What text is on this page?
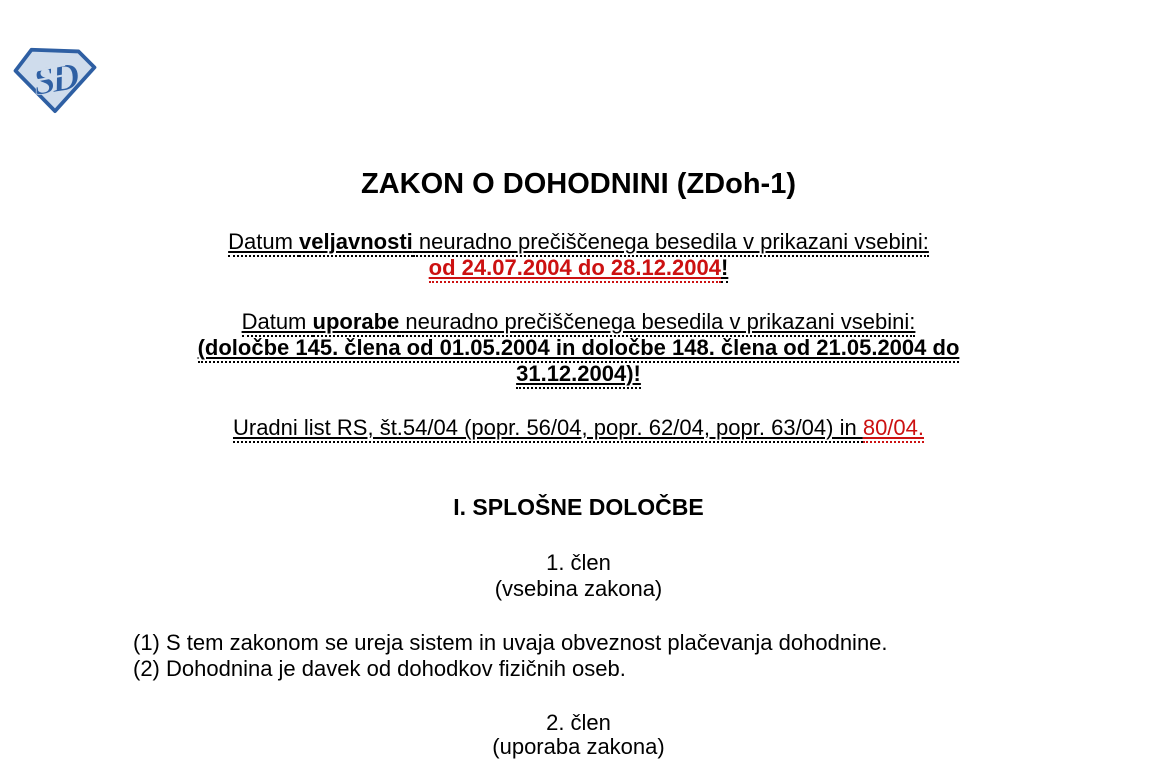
SD
ZAKON O DOHODNINI (ZDoh-1)
Datum veljavnosti neuradno prečiščenega besedila v prikazani vsebini:
od 24.07.2004 do 28.12.2004!
Datum uporabe neuradno prečiščenega besedila v prikazani vsebini:
(določbe 145. člena od 01.05.2004 in določbe 148. člena od 21.05.2004 do
31.12.2004)!
Uradni list RS, št.54/04 (popr. 56/04, popr. 62/04, popr. 63/04) in 80/04.
I. SPLOŠNE DOLOČBE
1. člen
(vsebina zakona)
(1) S tem zakonom se ureja sistem in uvaja obveznost plačevanja dohodnine.
(2) Dohodnina je davek od dohodkov fizičnih oseb.
2. člen
(uporaba zakona)
